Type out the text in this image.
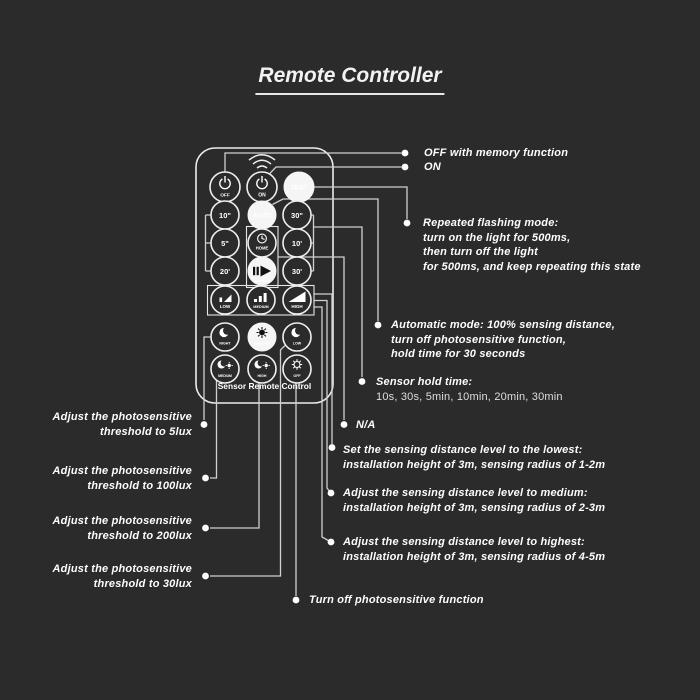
Remote Controller
OFF	ON
TEST
10"	AUTO	30"
5"	HOME	10'
20'
DEACTIVATE
30'
LOW	MEDIUM	HIGH
NIGHT	DAY&NIGHT	LOW
MEDIUM	HIGH	OFF
Sensor Remote Control
OFF with memory function
ON
Repeated flashing mode:
turn on the light for 500ms,
then turn off the light
for 500ms, and keep repeating this state
Automatic mode: 100% sensing distance,
turn off photosensitive function,
hold time for 30 seconds
Sensor hold time:
10s, 30s, 5min, 10min, 20min, 30min
N/A
Set the sensing distance level to the lowest:
installation height of 3m, sensing radius of 1-2m
Adjust the sensing distance level to medium:
installation height of 3m, sensing radius of 2-3m
Adjust the sensing distance level to highest:
installation height of 3m, sensing radius of 4-5m
Turn off photosensitive function
Adjust the photosensitive
threshold to 5lux
Adjust the photosensitive
threshold to 100lux
Adjust the photosensitive
threshold to 200lux
Adjust the photosensitive
threshold to 30lux
